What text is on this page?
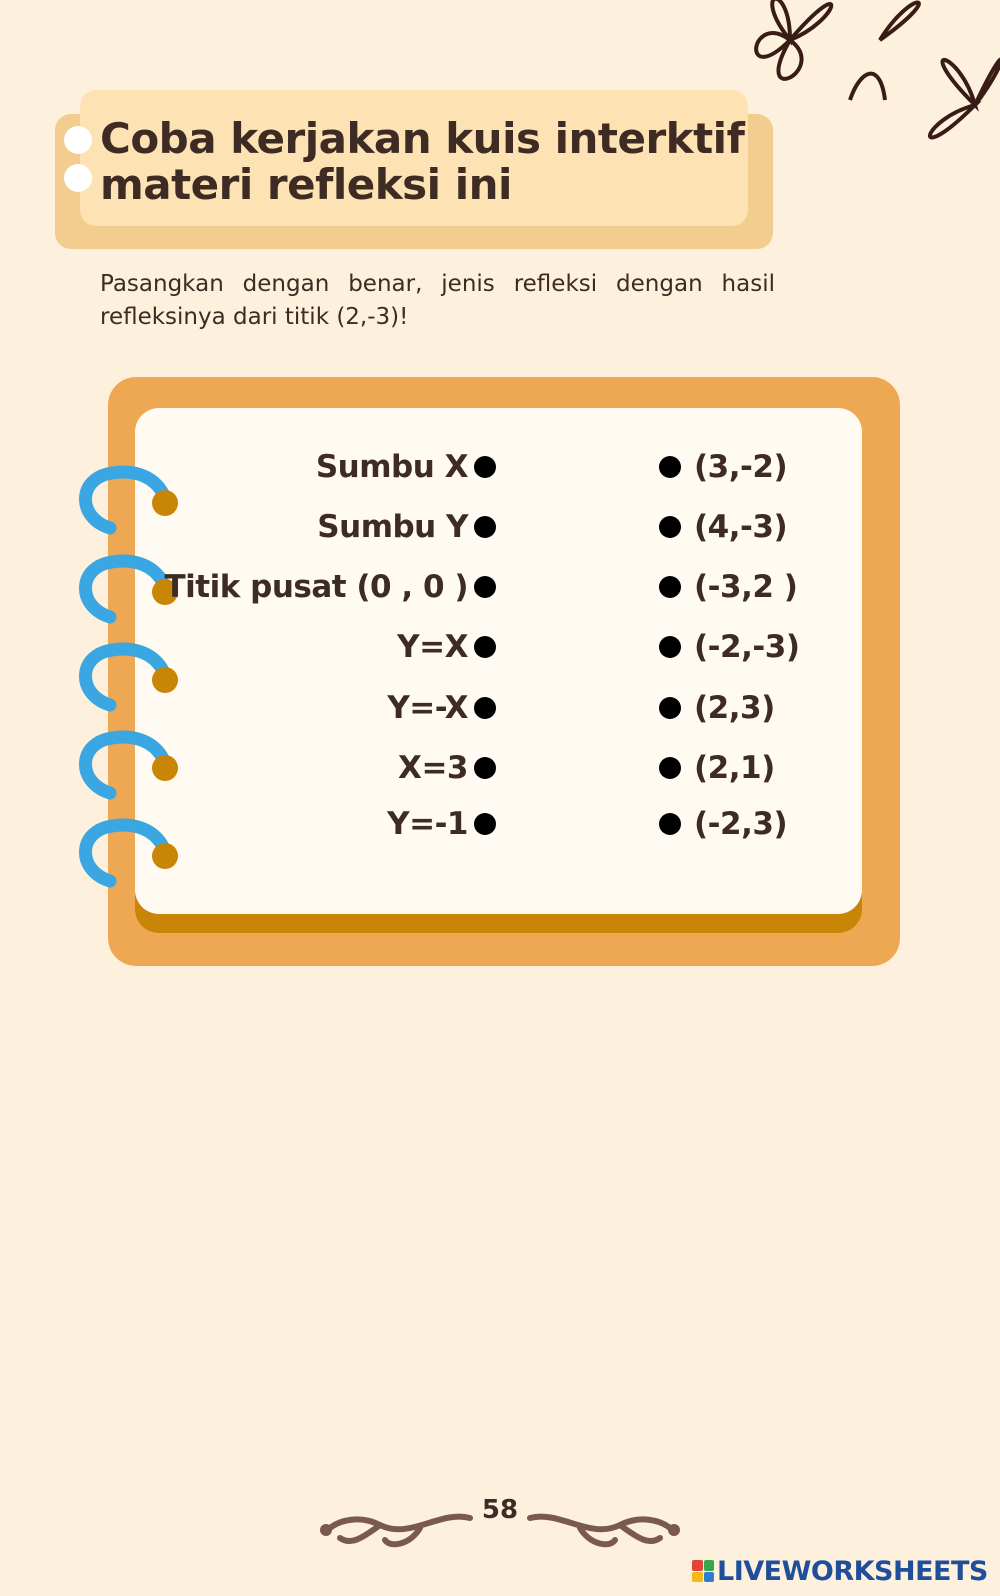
Coba kerjakan kuis interktif
materi refleksi ini
Pasangkan dengan benar, jenis refleksi dengan hasil refleksinya dari titik (2,-3)!
Sumbu X
Sumbu Y
Titik pusat (0 , 0 )
Y=X
Y=-X
X=3
Y=-1
(3,-2)
(4,-3)
(-3,2 )
(-2,-3)
(2,3)
(2,1)
(-2,3)
58
LIVEWORKSHEETS
